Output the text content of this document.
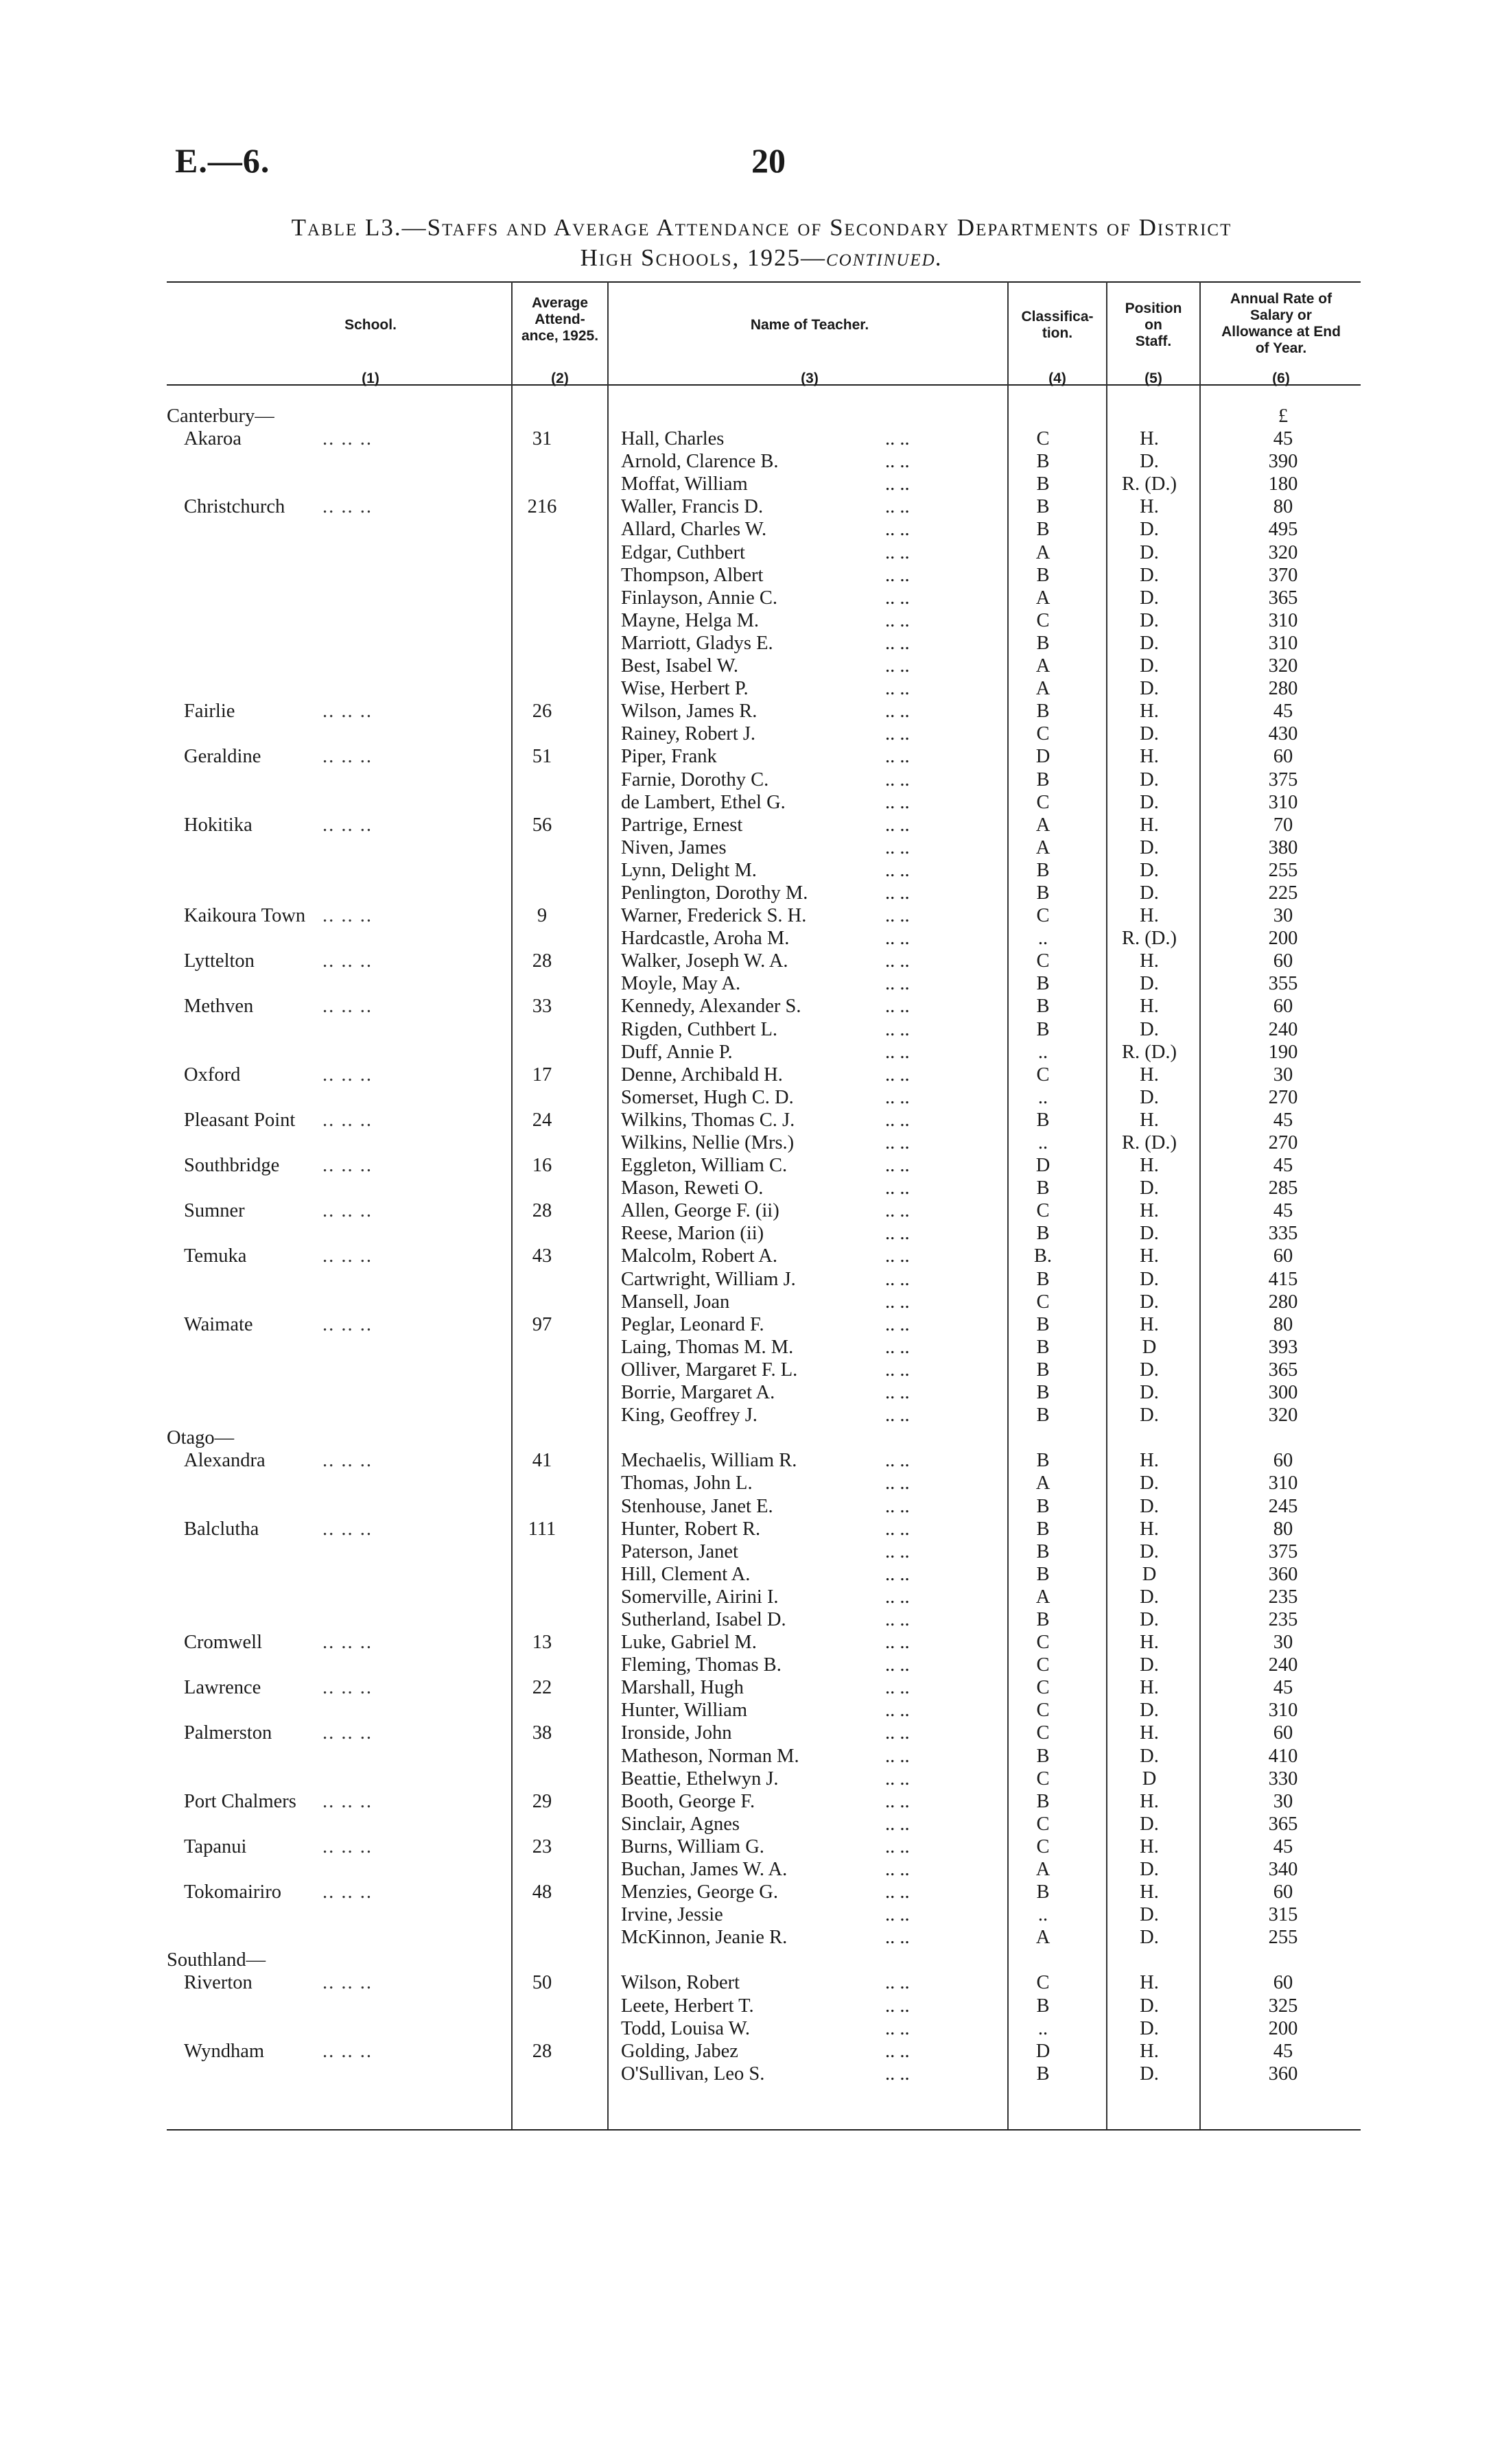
E.—6.	20
Table L3.—Staffs and Average Attendance of Secondary Departments of District
High Schools, 1925—continued.
School.
Average
Attend-
ance, 1925.
Name of Teacher.
Classifica-
tion.
Position
on
Staff.
Annual Rate of
Salary or
Allowance at End
of Year.
(1)	(2)	(3)	(4)	(5)	(6)
Canterbury—	£
Akaroa	.. .. ..	31	Hall, Charles	.. ..	C	H.	45
Arnold, Clarence B.	.. ..	B	D.	390
Moffat, William	.. ..	B	R. (D.)	180
Christchurch .. .. ..	216	Waller, Francis D.	.. ..	B	H.	80
Allard, Charles W.	.. ..	B	D.	495
Edgar, Cuthbert	.. ..	A	D.	320
Thompson, Albert	.. ..	B	D.	370
Finlayson, Annie C.	.. ..	A	D.	365
Mayne, Helga M.	.. ..	C	D.	310
Marriott, Gladys E.	.. ..	B	D.	310
Best, Isabel W.	.. ..	A	D.	320
Wise, Herbert P.	.. ..	A	D.	280
Fairlie	.. .. ..	26	Wilson, James R.	.. ..	B	H.	45
Rainey, Robert J.	.. ..	C	D.	430
Geraldine	.. .. ..	51	Piper, Frank	.. ..	D	H.	60
Farnie, Dorothy C.	.. ..	B	D.	375
de Lambert, Ethel G.	.. ..	C	D.	310
Hokitika	.. .. ..	56	Partrige, Ernest	.. ..	A	H.	70
Niven, James	.. ..	A	D.	380
Lynn, Delight M.	.. ..	B	D.	255
Penlington, Dorothy M.	.. ..	B	D.	225
Kaikoura Town .. .. ..	9	Warner, Frederick S. H.	.. ..	C	H.	30
Hardcastle, Aroha M.	.. ..	..	R. (D.)	200
Lyttelton	.. .. ..	28	Walker, Joseph W. A.	.. ..	C	H.	60
Moyle, May A.	.. ..	B	D.	355
Methven	.. .. ..	33	Kennedy, Alexander S.	.. ..	B	H.	60
Rigden, Cuthbert L.	.. ..	B	D.	240
Duff, Annie P.	.. ..	..	R. (D.)	190
Oxford	.. .. ..	17	Denne, Archibald H.	.. ..	C	H.	30
Somerset, Hugh C. D.	.. ..	..	D.	270
Pleasant Point .. .. ..	24	Wilkins, Thomas C. J.	.. ..	B	H.	45
Wilkins, Nellie (Mrs.)	.. ..	..	R. (D.)	270
Southbridge .. .. ..	16	Eggleton, William C.	.. ..	D	H.	45
Mason, Reweti O.	.. ..	B	D.	285
Sumner	.. .. ..	28	Allen, George F. (ii)	.. ..	C	H.	45
Reese, Marion (ii)	.. ..	B	D.	335
Temuka	.. .. ..	43	Malcolm, Robert A.	.. ..	B.	H.	60
Cartwright, William J.	.. ..	B	D.	415
Mansell, Joan	.. ..	C	D.	280
Waimate	.. .. ..	97	Peglar, Leonard F.	.. ..	B	H.	80
Laing, Thomas M. M.	.. ..	B	D	393
Olliver, Margaret F. L.	.. ..	B	D.	365
Borrie, Margaret A.	.. ..	B	D.	300
King, Geoffrey J.	.. ..	B	D.	320
Otago—
Alexandra	.. .. ..	41	Mechaelis, William R.	.. ..	B	H.	60
Thomas, John L.	.. ..	A	D.	310
Stenhouse, Janet E.	.. ..	B	D.	245
Balclutha	.. .. ..	111	Hunter, Robert R.	.. ..	B	H.	80
Paterson, Janet	.. ..	B	D.	375
Hill, Clement A.	.. ..	B	D	360
Somerville, Airini I.	.. ..	A	D.	235
Sutherland, Isabel D.	.. ..	B	D.	235
Cromwell	.. .. ..	13	Luke, Gabriel M.	.. ..	C	H.	30
Fleming, Thomas B.	.. ..	C	D.	240
Lawrence	.. .. ..	22	Marshall, Hugh	.. ..	C	H.	45
Hunter, William	.. ..	C	D.	310
Palmerston	.. .. ..	38	Ironside, John	.. ..	C	H.	60
Matheson, Norman M.	.. ..	B	D.	410
Beattie, Ethelwyn J.	.. ..	C	D	330
Port Chalmers .. .. ..	29	Booth, George F.	.. ..	B	H.	30
Sinclair, Agnes	.. ..	C	D.	365
Tapanui	.. .. ..	23	Burns, William G.	.. ..	C	H.	45
Buchan, James W. A.	.. ..	A	D.	340
Tokomairiro .. .. ..	48	Menzies, George G.	.. ..	B	H.	60
Irvine, Jessie	.. ..	..	D.	315
McKinnon, Jeanie R.	.. ..	A	D.	255
Southland—
Riverton	.. .. ..	50	Wilson, Robert	.. ..	C	H.	60
Leete, Herbert T.	.. ..	B	D.	325
Todd, Louisa W.	.. ..	..	D.	200
Wyndham	.. .. ..	28	Golding, Jabez	.. ..	D	H.	45
O'Sullivan, Leo S.	.. ..	B	D.	360
